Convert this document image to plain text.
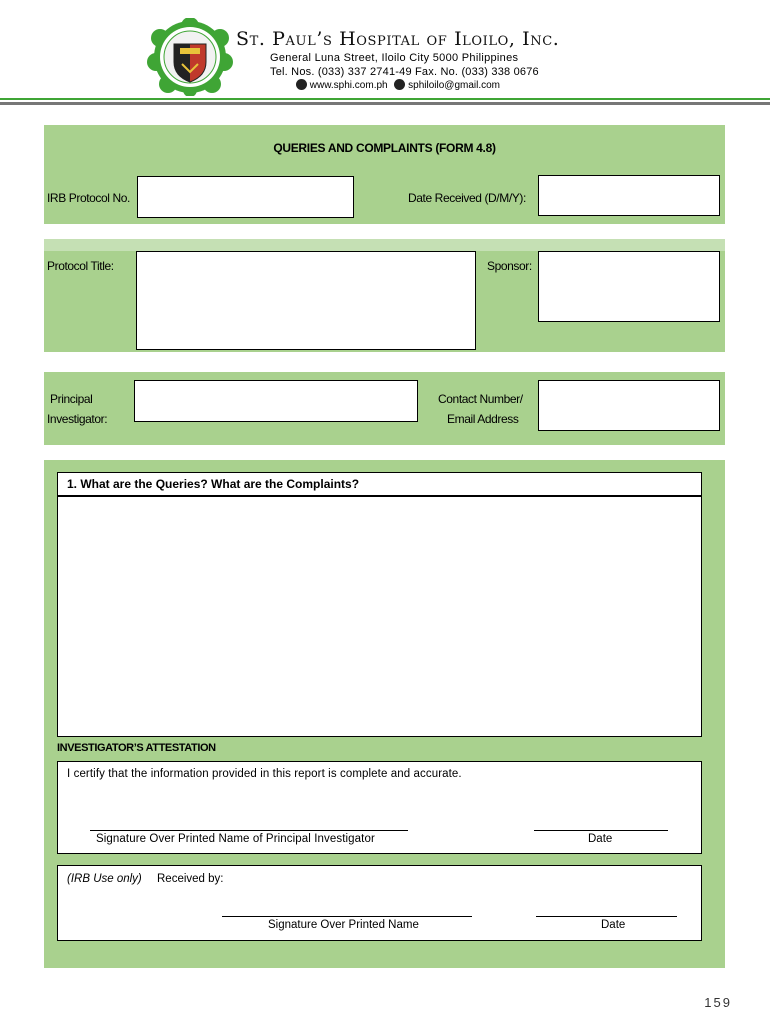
St. Paul’s Hospital of Iloilo, Inc.
General Luna Street, Iloilo City 5000 Philippines
Tel. Nos. (033) 337 2741-49 Fax. No. (033) 338 0676
www.sphi.com.ph sphiloilo@gmail.com
QUERIES AND COMPLAINTS (FORM 4.8)
IRB Protocol No.	Date Received (D/M/Y):
Protocol Title:	Sponsor:
Principal
Investigator:
Contact Number/
Email Address
1. What are the Queries? What are the Complaints?
INVESTIGATOR’S ATTESTATION
I certify that the information provided in this report is complete and accurate.
Signature Over Printed Name of Principal Investigator	Date
(IRB Use only) Received by:
Signature Over Printed Name	Date
159
